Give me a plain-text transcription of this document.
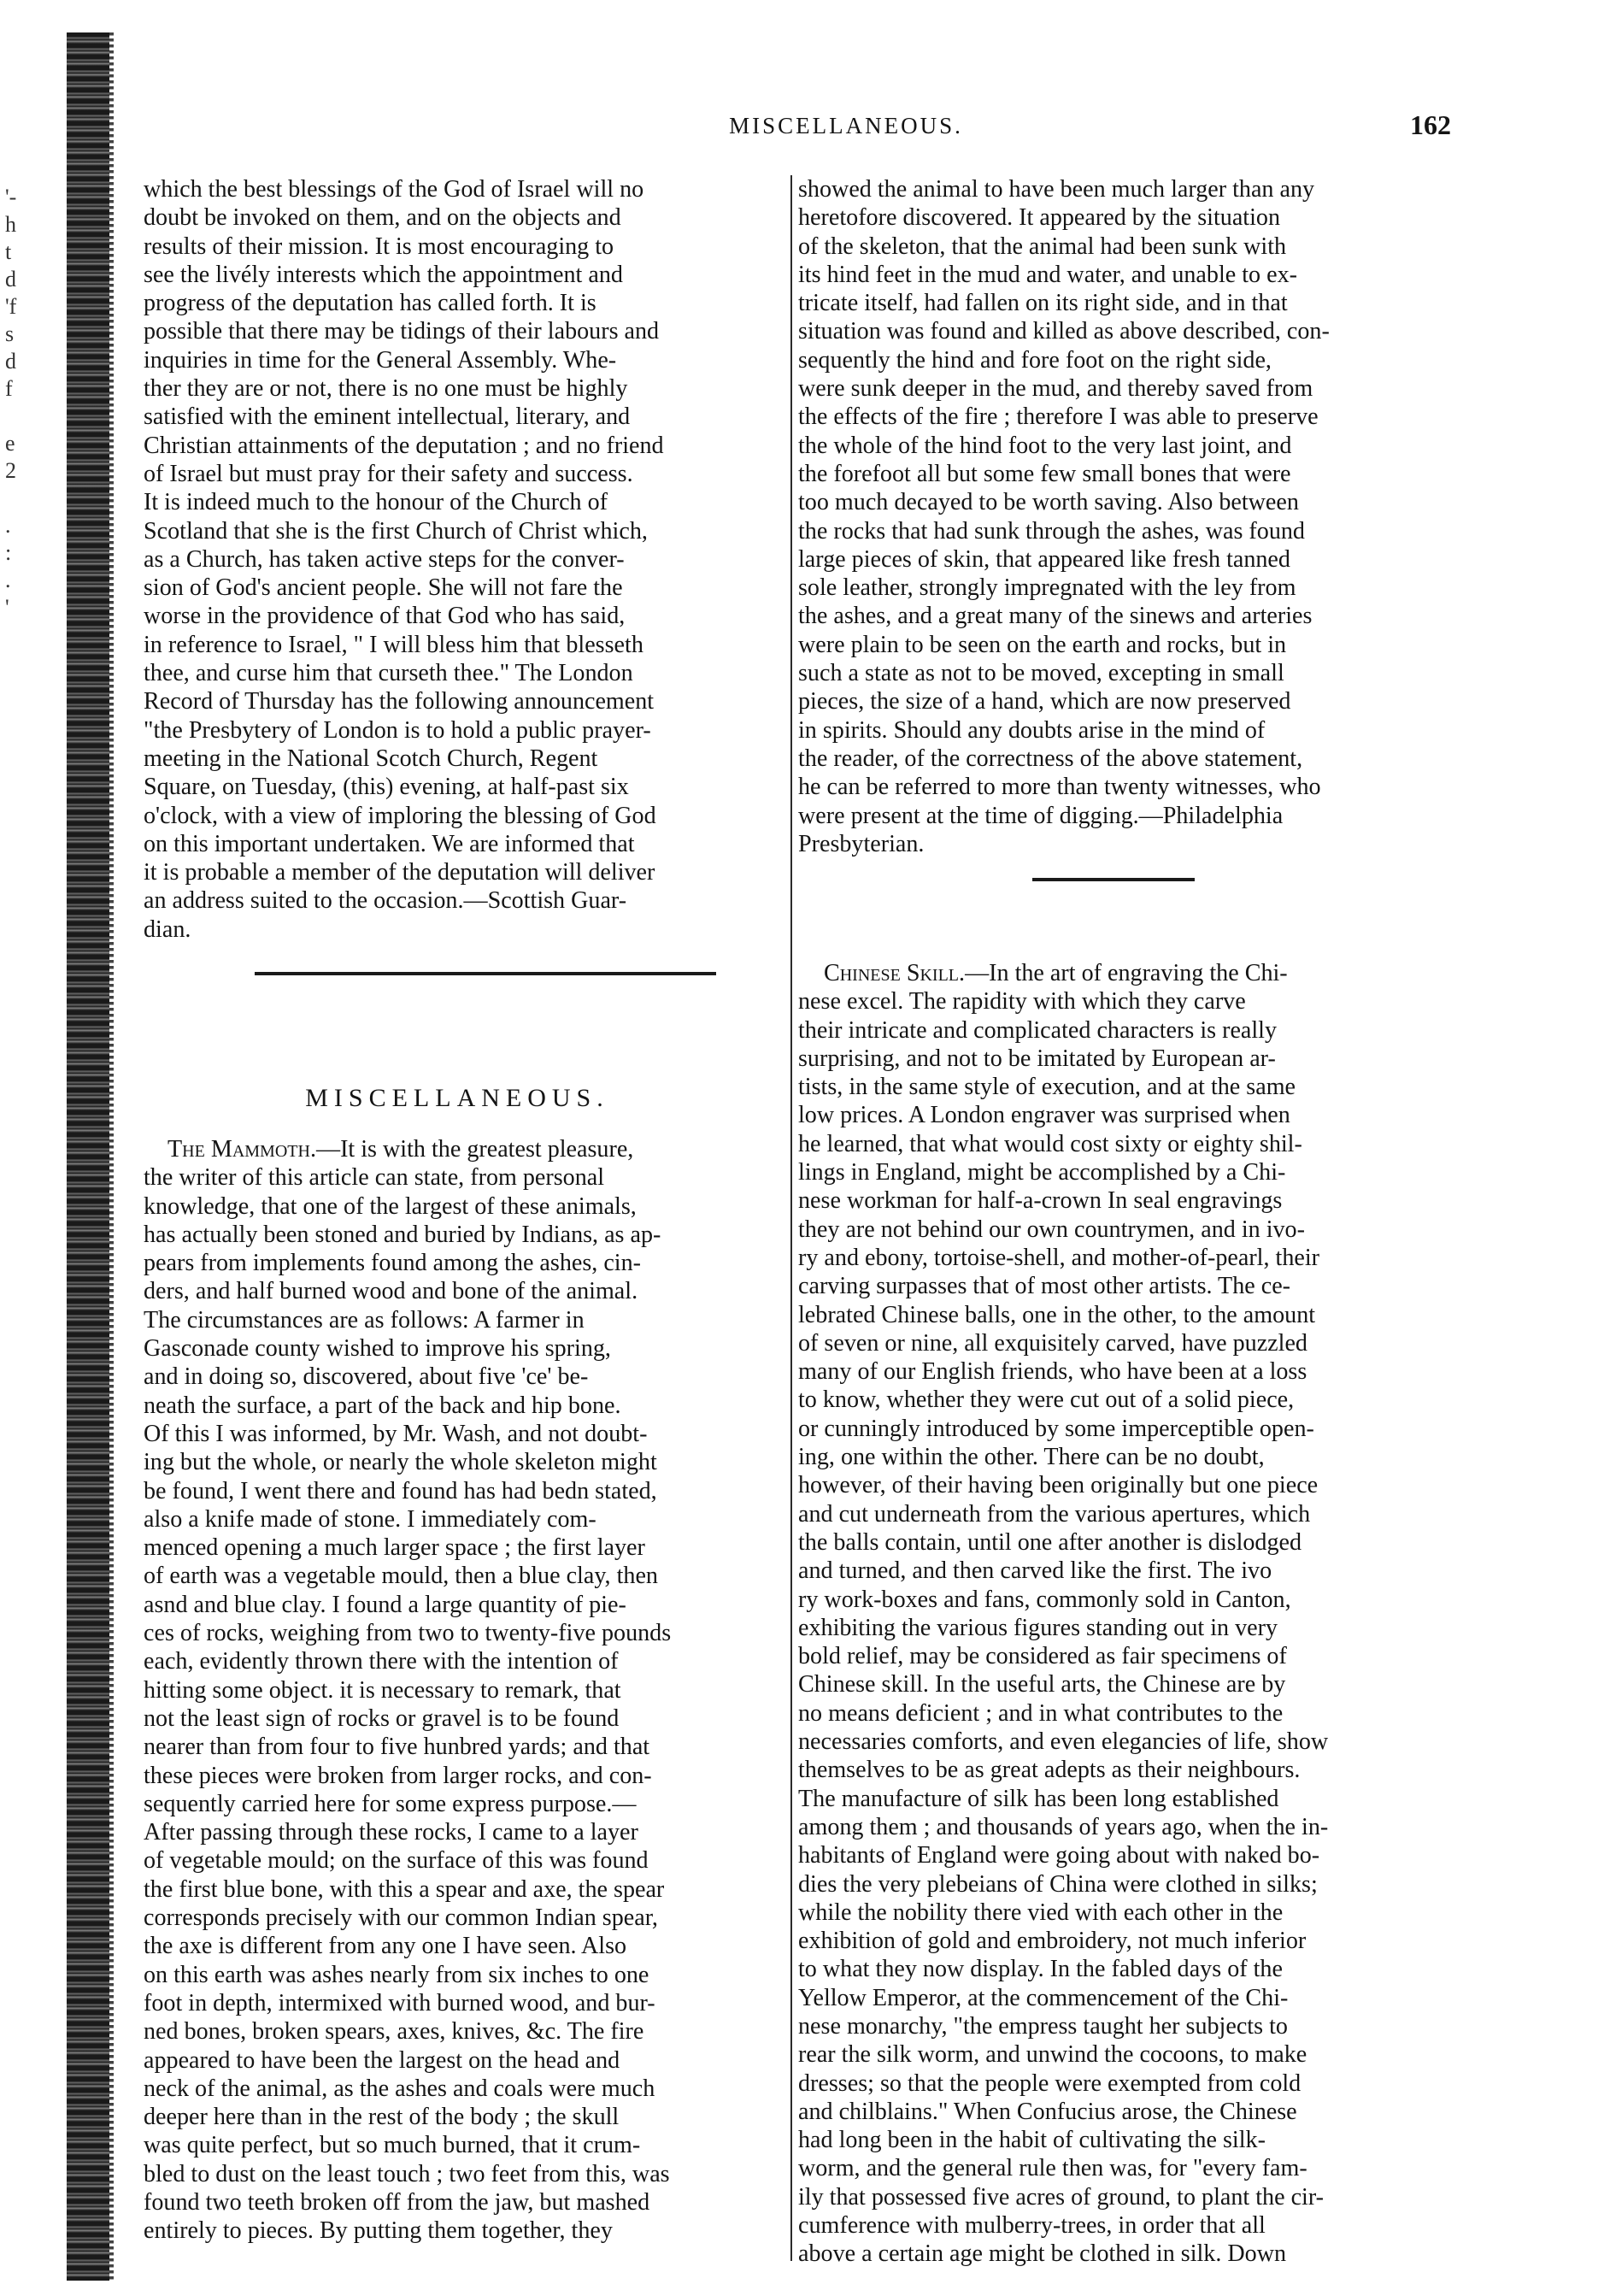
'-
h
t
d
'f
s
d
f

e
2

.
:
.
'
MISCELLANEOUS.	162
which the best blessings of the God of Israel will no
doubt be invoked on them, and on the objects and
results of their mission. It is most encouraging to
see the livély interests which the appointment and
progress of the deputation has called forth. It is
possible that there may be tidings of their labours and
inquiries in time for the General Assembly. Whe-
ther they are or not, there is no one must be highly
satisfied with the eminent intellectual, literary, and
Christian attainments of the deputation ; and no friend
of Israel but must pray for their safety and success.
It is indeed much to the honour of the Church of
Scotland that she is the first Church of Christ which,
as a Church, has taken active steps for the conver-
sion of God's ancient people. She will not fare the
worse in the providence of that God who has said,
in reference to Israel, " I will bless him that blesseth
thee, and curse him that curseth thee." The London
Record of Thursday has the following announcement
"the Presbytery of London is to hold a public prayer-
meeting in the National Scotch Church, Regent
Square, on Tuesday, (this) evening, at half-past six
o'clock, with a view of imploring the blessing of God
on this important undertaken. We are informed that
it is probable a member of the deputation will deliver
an address suited to the occasion.—Scottish Guar-
dian.
MISCELLANEOUS.
The Mammoth.—It is with the greatest pleasure,
the writer of this article can state, from personal
knowledge, that one of the largest of these animals,
has actually been stoned and buried by Indians, as ap-
pears from implements found among the ashes, cin-
ders, and half burned wood and bone of the animal.
The circumstances are as follows: A farmer in
Gasconade county wished to improve his spring,
and in doing so, discovered, about five 'ce' be-
neath the surface, a part of the back and hip bone.
Of this I was informed, by Mr. Wash, and not doubt-
ing but the whole, or nearly the whole skeleton might
be found, I went there and found has had bedn stated,
also a knife made of stone. I immediately com-
menced opening a much larger space ; the first layer
of earth was a vegetable mould, then a blue clay, then
asnd and blue clay. I found a large quantity of pie-
ces of rocks, weighing from two to twenty-five pounds
each, evidently thrown there with the intention of
hitting some object. it is necessary to remark, that
not the least sign of rocks or gravel is to be found
nearer than from four to five hunbred yards; and that
these pieces were broken from larger rocks, and con-
sequently carried here for some express purpose.—
After passing through these rocks, I came to a layer
of vegetable mould; on the surface of this was found
the first blue bone, with this a spear and axe, the spear
corresponds precisely with our common Indian spear,
the axe is different from any one I have seen. Also
on this earth was ashes nearly from six inches to one
foot in depth, intermixed with burned wood, and bur-
ned bones, broken spears, axes, knives, &c. The fire
appeared to have been the largest on the head and
neck of the animal, as the ashes and coals were much
deeper here than in the rest of the body ; the skull
was quite perfect, but so much burned, that it crum-
bled to dust on the least touch ; two feet from this, was
found two teeth broken off from the jaw, but mashed
entirely to pieces. By putting them together, they
showed the animal to have been much larger than any
heretofore discovered. It appeared by the situation
of the skeleton, that the animal had been sunk with
its hind feet in the mud and water, and unable to ex-
tricate itself, had fallen on its right side, and in that
situation was found and killed as above described, con-
sequently the hind and fore foot on the right side,
were sunk deeper in the mud, and thereby saved from
the effects of the fire ; therefore I was able to preserve
the whole of the hind foot to the very last joint, and
the forefoot all but some few small bones that were
too much decayed to be worth saving. Also between
the rocks that had sunk through the ashes, was found
large pieces of skin, that appeared like fresh tanned
sole leather, strongly impregnated with the ley from
the ashes, and a great many of the sinews and arteries
were plain to be seen on the earth and rocks, but in
such a state as not to be moved, excepting in small
pieces, the size of a hand, which are now preserved
in spirits. Should any doubts arise in the mind of
the reader, of the correctness of the above statement,
he can be referred to more than twenty witnesses, who
were present at the time of digging.—Philadelphia
Presbyterian.
Chinese Skill.—In the art of engraving the Chi-
nese excel. The rapidity with which they carve
their intricate and complicated characters is really
surprising, and not to be imitated by European ar-
tists, in the same style of execution, and at the same
low prices. A London engraver was surprised when
he learned, that what would cost sixty or eighty shil-
lings in England, might be accomplished by a Chi-
nese workman for half-a-crown In seal engravings
they are not behind our own countrymen, and in ivo-
ry and ebony, tortoise-shell, and mother-of-pearl, their
carving surpasses that of most other artists. The ce-
lebrated Chinese balls, one in the other, to the amount
of seven or nine, all exquisitely carved, have puzzled
many of our English friends, who have been at a loss
to know, whether they were cut out of a solid piece,
or cunningly introduced by some imperceptible open-
ing, one within the other. There can be no doubt,
however, of their having been originally but one piece
and cut underneath from the various apertures, which
the balls contain, until one after another is dislodged
and turned, and then carved like the first. The ivo
ry work-boxes and fans, commonly sold in Canton,
exhibiting the various figures standing out in very
bold relief, may be considered as fair specimens of
Chinese skill. In the useful arts, the Chinese are by
no means deficient ; and in what contributes to the
necessaries comforts, and even elegancies of life, show
themselves to be as great adepts as their neighbours.
The manufacture of silk has been long established
among them ; and thousands of years ago, when the in-
habitants of England were going about with naked bo-
dies the very plebeians of China were clothed in silks;
while the nobility there vied with each other in the
exhibition of gold and embroidery, not much inferior
to what they now display. In the fabled days of the
Yellow Emperor, at the commencement of the Chi-
nese monarchy, "the empress taught her subjects to
rear the silk worm, and unwind the cocoons, to make
dresses; so that the people were exempted from cold
and chilblains." When Confucius arose, the Chinese
had long been in the habit of cultivating the silk-
worm, and the general rule then was, for "every fam-
ily that possessed five acres of ground, to plant the cir-
cumference with mulberry-trees, in order that all
above a certain age might be clothed in silk. Down
